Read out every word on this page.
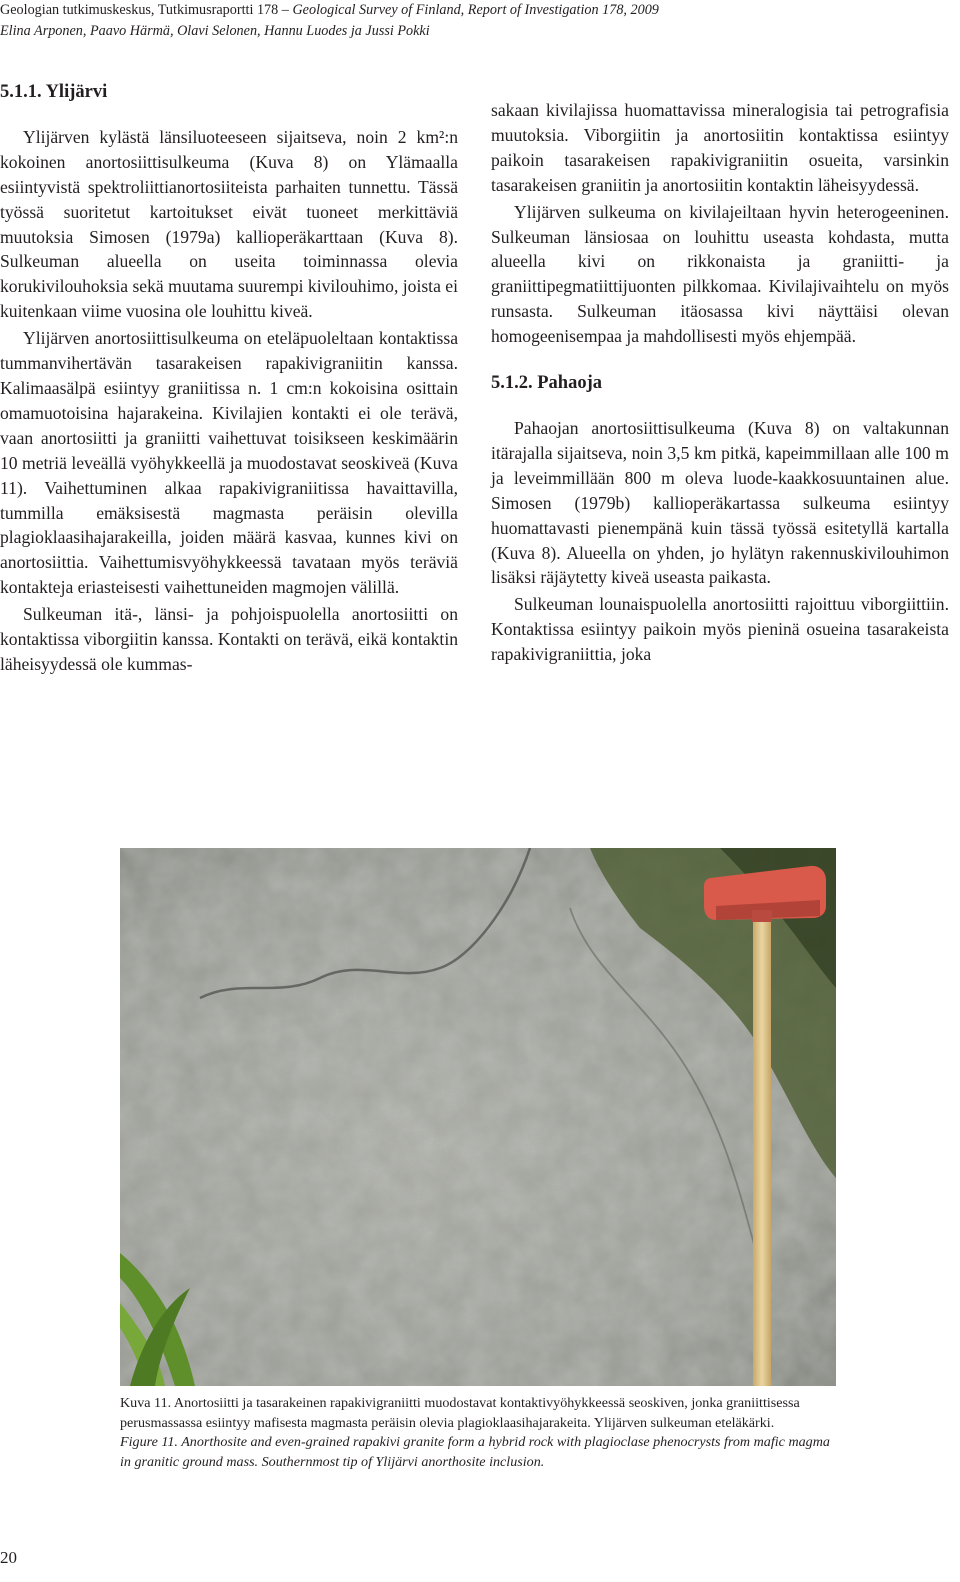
Geologian tutkimuskeskus, Tutkimusraportti 178 – Geological Survey of Finland, Report of Investigation 178, 2009
Elina Arponen, Paavo Härmä, Olavi Selonen, Hannu Luodes ja Jussi Pokki
5.1.1. Ylijärvi

Ylijärven kylästä länsiluoteeseen sijaitseva, noin 2 km²:n kokoinen anortosiittisulkeuma (Kuva 8) on Ylämaalla esiintyvistä spektroliittianortosiiteista parhaiten tunnettu. Tässä työssä suoritetut kartoitukset eivät tuoneet merkittäviä muutoksia Simosen (1979a) kallioperäkarttaan (Kuva 8). Sulkeuman alueella on useita toiminnassa olevia korukivilouhoksia sekä muutama suurempi kivilouhimo, joista ei kuitenkaan viime vuosina ole louhittu kiveä.

Ylijärven anortosiittisulkeuma on eteläpuoleltaan kontaktissa tummanvihertävän tasarakeisen rapakivigraniitin kanssa. Kalimaasälpä esiintyy graniitissa n. 1 cm:n kokoisina osittain omamuotoisina hajarakeina. Kivilajien kontakti ei ole terävä, vaan anortosiitti ja graniitti vaihettuvat toisikseen keskimäärin 10 metriä leveällä vyöhykkeellä ja muodostavat seoskiveä (Kuva 11). Vaihettuminen alkaa rapakivigraniitissa havaittavilla, tummilla emäksisestä magmasta peräisin olevilla plagioklaasihajarakeilla, joiden määrä kasvaa, kunnes kivi on anortosiittia. Vaihettumisvyöhykkeessä tavataan myös teräviä kontakteja eriasteisesti vaihettuneiden magmojen välillä.

Sulkeuman itä-, länsi- ja pohjoispuolella anortosiitti on kontaktissa viborgiitin kanssa. Kontakti on terävä, eikä kontaktin läheisyydessä ole kummas-

sakaan kivilajissa huomattavissa mineralogisia tai petrografisia muutoksia. Viborgiitin ja anortosiitin kontaktissa esiintyy paikoin tasarakeisen rapakivigraniitin osueita, varsinkin tasarakeisen graniitin ja anortosiitin kontaktin läheisyydessä.

Ylijärven sulkeuma on kivilajeiltaan hyvin heterogeeninen. Sulkeuman länsiosaa on louhittu useasta kohdasta, mutta alueella kivi on rikkonaista ja graniitti- ja graniittipegmatiittijuonten pilkkomaa. Kivilajivaihtelu on myös runsasta. Sulkeuman itäosassa kivi näyttäisi olevan homogeenisempaa ja mahdollisesti myös ehjempää.

5.1.2. Pahaoja

Pahaojan anortosiittisulkeuma (Kuva 8) on valtakunnan itärajalla sijaitseva, noin 3,5 km pitkä, kapeimmillaan alle 100 m ja leveimmillään 800 m oleva luode-kaakkosuuntainen alue. Simosen (1979b) kallioperäkartassa sulkeuma esiintyy huomattavasti pienempänä kuin tässä työssä esitetyllä kartalla (Kuva 8). Alueella on yhden, jo hylätyn rakennuskivilouhimon lisäksi räjäytetty kiveä useasta paikasta.

Sulkeuman lounaispuolella anortosiitti rajoittuu viborgiittiin. Kontaktissa esiintyy paikoin myös pieninä osueina tasarakeista rapakivigraniittia, joka

Kuva 11. Anortosiitti ja tasarakeinen rapakivigraniitti muodostavat kontaktivyöhykkeessä seoskiven, jonka graniittisessa perusmassassa esiintyy mafisesta magmasta peräisin olevia plagioklaasihajarakeita. Ylijärven sulkeuman eteläkärki.
Figure 11. Anorthosite and even-grained rapakivi granite form a hybrid rock with plagioclase phenocrysts from mafic magma in granitic ground mass. Southernmost tip of Ylijärvi anorthosite inclusion.
20
